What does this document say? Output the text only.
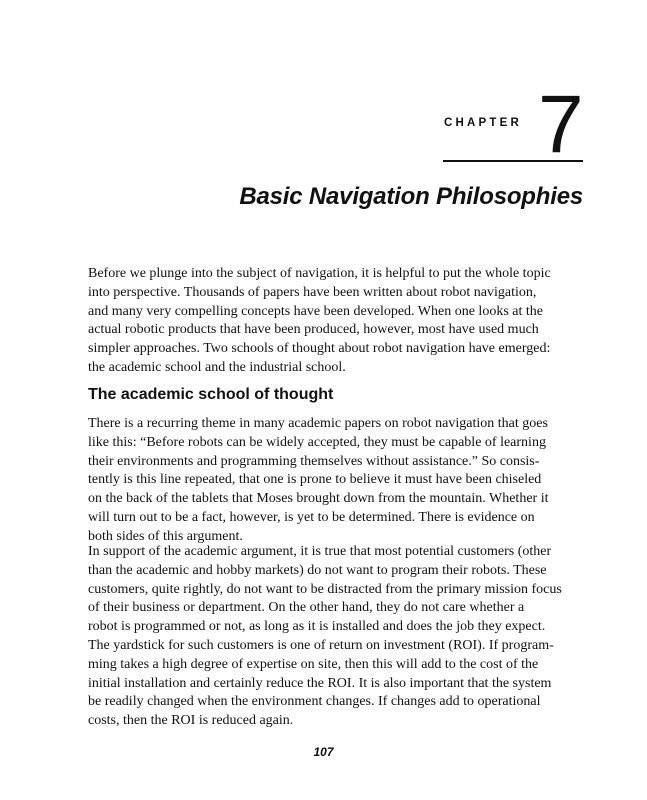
CHAPTER 7
Basic Navigation Philosophies
Before we plunge into the subject of navigation, it is helpful to put the whole topic
into perspective. Thousands of papers have been written about robot navigation,
and many very compelling concepts have been developed. When one looks at the
actual robotic products that have been produced, however, most have used much
simpler approaches. Two schools of thought about robot navigation have emerged:
the academic school and the industrial school.
The academic school of thought
There is a recurring theme in many academic papers on robot navigation that goes
like this: “Before robots can be widely accepted, they must be capable of learning
their environments and programming themselves without assistance.” So consis-
tently is this line repeated, that one is prone to believe it must have been chiseled
on the back of the tablets that Moses brought down from the mountain. Whether it
will turn out to be a fact, however, is yet to be determined. There is evidence on
both sides of this argument.
In support of the academic argument, it is true that most potential customers (other
than the academic and hobby markets) do not want to program their robots. These
customers, quite rightly, do not want to be distracted from the primary mission focus
of their business or department. On the other hand, they do not care whether a
robot is programmed or not, as long as it is installed and does the job they expect.
The yardstick for such customers is one of return on investment (ROI). If program-
ming takes a high degree of expertise on site, then this will add to the cost of the
initial installation and certainly reduce the ROI. It is also important that the system
be readily changed when the environment changes. If changes add to operational
costs, then the ROI is reduced again.
107
